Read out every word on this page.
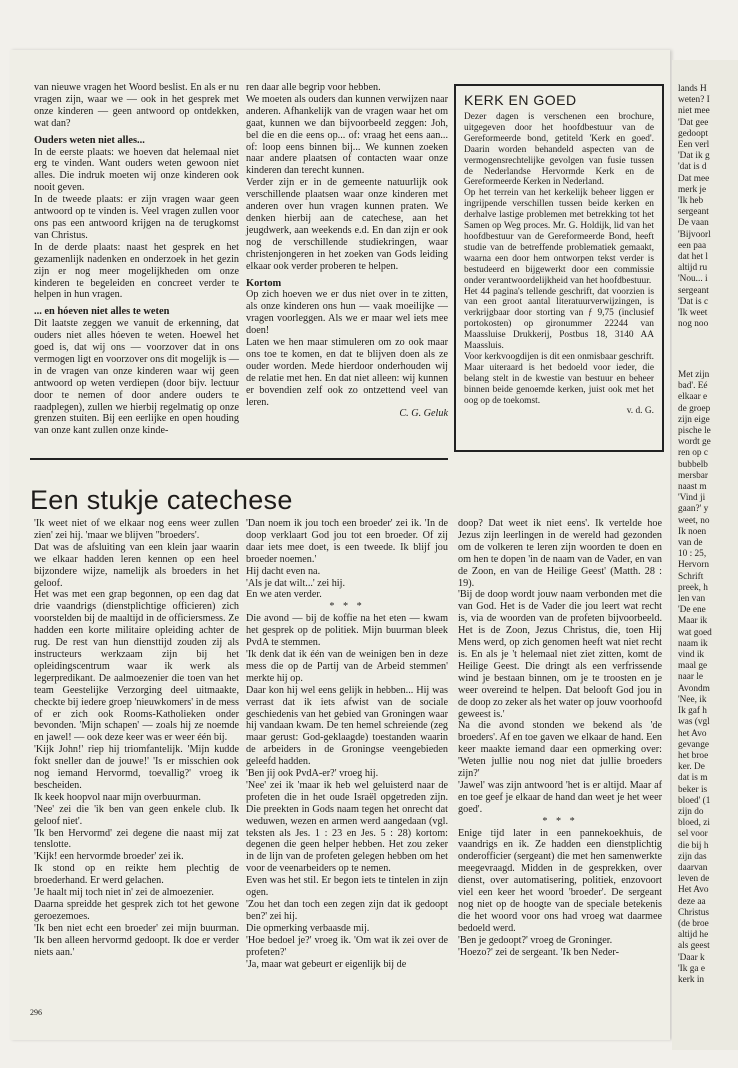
van nieuwe vragen het Woord beslist. En als er nu vragen zijn, waar we — ook in het gesprek met onze kinderen — geen antwoord op ontdekken, wat dan?

Ouders weten niet alles...

In de eerste plaats: we hoeven dat helemaal niet erg te vinden. Want ouders weten gewoon niet alles. Die indruk moeten wij onze kinderen ook nooit geven.

In de tweede plaats: er zijn vragen waar geen antwoord op te vinden is. Veel vragen zullen voor ons pas een antwoord krijgen na de terugkomst van Christus.

In de derde plaats: naast het gesprek en het gezamenlijk nadenken en onderzoek in het gezin zijn er nog meer mogelijkheden om onze kinderen te begeleiden en concreet verder te helpen in hun vragen.

... en hóeven niet alles te weten

Dit laatste zeggen we vanuit de erkenning, dat ouders niet alles hóeven te weten. Hoewel het goed is, dat wij ons — voorzover dat in ons vermogen ligt en voorzover ons dit mogelijk is — in de vragen van onze kinderen waar wij geen antwoord op weten verdiepen (door bijv. lectuur door te nemen of door andere ouders te raadplegen), zullen we hierbij regelmatig op onze grenzen stuiten. Bij een eerlijke en open houding van onze kant zullen onze kinde-

ren daar alle begrip voor hebben.

We moeten als ouders dan kunnen verwijzen naar anderen. Afhankelijk van de vragen waar het om gaat, kunnen we dan bijvoorbeeld zeggen: Joh, bel die en die eens op... of: vraag het eens aan... of: loop eens binnen bij... We kunnen zoeken naar andere plaatsen of contacten waar onze kinderen dan terecht kunnen.

Verder zijn er in de gemeente natuurlijk ook verschillende plaatsen waar onze kinderen met anderen over hun vragen kunnen praten. We denken hierbij aan de catechese, aan het jeugdwerk, aan weekends e.d. En dan zijn er ook nog de verschillende studiekringen, waar christenjongeren in het zoeken van Gods leiding elkaar ook verder proberen te helpen.

Kortom

Op zich hoeven we er dus niet over in te zitten, als onze kinderen ons hun — vaak moeilijke — vragen voorleggen. Als we er maar wel iets mee doen!

Laten we hen maar stimuleren om zo ook maar ons toe te komen, en dat te blijven doen als ze ouder worden. Mede hierdoor onderhouden wij de relatie met hen. En dat niet alleen: wij kunnen er bovendien zelf ook zo ontzettend veel van leren.

C. G. Geluk

KERK EN GOED

Dezer dagen is verschenen een brochure, uitgegeven door het hoofdbestuur van de Gereformeerde bond, getiteld 'Kerk en goed'. Daarin worden behandeld aspecten van de vermogensrechtelijke gevolgen van fusie tussen de Nederlandse Hervormde Kerk en de Gereformeerde Kerken in Nederland.

Op het terrein van het kerkelijk beheer liggen er ingrijpende verschillen tussen beide kerken en derhalve lastige problemen met betrekking tot het Samen op Weg proces. Mr. G. Holdijk, lid van het hoofdbestuur van de Gereformeerde Bond, heeft studie van de betreffende problematiek gemaakt, waarna een door hem ontworpen tekst verder is bestudeerd en bijgewerkt door een commissie onder verantwoordelijkheid van het hoofdbestuur.

Het 44 pagina's tellende geschrift, dat voorzien is van een groot aantal literatuurverwijzingen, is verkrijgbaar door storting van ƒ 9,75 (inclusief portokosten) op gironummer 22244 van Maassluise Drukkerij, Postbus 18, 3140 AA Maassluis.

Voor kerkvoogdijen is dit een onmisbaar geschrift. Maar uiteraard is het bedoeld voor ieder, die belang stelt in de kwestie van bestuur en beheer binnen beide genoemde kerken, juist ook met het oog op de toekomst.

v. d. G.

Een stukje catechese

'Ik weet niet of we elkaar nog eens weer zullen zien' zei hij. 'maar we blijven "broeders'.

Dat was de afsluiting van een klein jaar waarin we elkaar hadden leren kennen op een heel bijzondere wijze, namelijk als broeders in het geloof.

Het was met een grap begonnen, op een dag dat drie vaandrigs (dienstplichtige officieren) zich voorstelden bij de maaltijd in de officiersmess. Ze hadden een korte militaire opleiding achter de rug. De rest van hun diensttijd zouden zij als instructeurs werkzaam zijn bij het opleidingscentrum waar ik werk als legerpredikant. De aalmoezenier die toen van het team Geestelijke Verzorging deel uitmaakte, checkte bij iedere groep 'nieuwkomers' in de mess of er zich ook Rooms-Katholieken onder bevonden. 'Mijn schapen' — zoals hij ze noemde en jawel! — ook deze keer was er weer één bij.

'Kijk John!' riep hij triomfantelijk. 'Mijn kudde fokt sneller dan de jouwe!' 'Is er misschien ook nog iemand Hervormd, toevallig?' vroeg ik bescheiden.

Ik keek hoopvol naar mijn overbuurman.

'Nee' zei die 'ik ben van geen enkele club. Ik geloof niet'.

'Ik ben Hervormd' zei degene die naast mij zat tenslotte.

'Kijk! een hervormde broeder' zei ik.

Ik stond op en reikte hem plechtig de broederhand. Er werd gelachen.

'Je haalt mij toch niet in' zei de almoezenier.

Daarna spreidde het gesprek zich tot het gewone geroezemoes.

'Ik ben niet echt een broeder' zei mijn buurman. 'Ik ben alleen hervormd gedoopt. Ik doe er verder niets aan.'

'Dan noem ik jou toch een broeder' zei ik. 'In de doop verklaart God jou tot een broeder. Of zij daar iets mee doet, is een tweede. Ik blijf jou broeder noemen.'

Hij dacht even na.

'Als je dat wilt...' zei hij.

En we aten verder.

* * *

Die avond — bij de koffie na het eten — kwam het gesprek op de politiek. Mijn buurman bleek PvdA te stemmen.

'Ik denk dat ik één van de weinigen ben in deze mess die op de Partij van de Arbeid stemmen' merkte hij op.

Daar kon hij wel eens gelijk in hebben... Hij was verrast dat ik iets afwist van de sociale geschiedenis van het gebied van Groningen waar hij vandaan kwam. De ten hemel schreiende (zeg maar gerust: God-geklaagde) toestanden waarin de arbeiders in de Groningse veengebieden geleefd hadden.

'Ben jij ook PvdA-er?' vroeg hij.

'Nee' zei ik 'maar ik heb wel geluisterd naar de profeten die in het oude Israël opgetreden zijn. Die preekten in Gods naam tegen het onrecht dat weduwen, wezen en armen werd aangedaan (vgl. teksten als Jes. 1 : 23 en Jes. 5 : 28) kortom: degenen die geen helper hebben. Het zou zeker in de lijn van de profeten gelegen hebben om het voor de veenarbeiders op te nemen.

Even was het stil. Er begon iets te tintelen in zijn ogen.

'Zou het dan toch een zegen zijn dat ik gedoopt ben?' zei hij.

Die opmerking verbaasde mij.

'Hoe bedoel je?' vroeg ik. 'Om wat ik zei over de profeten?'

'Ja, maar wat gebeurt er eigenlijk bij de

doop? Dat weet ik niet eens'. Ik vertelde hoe Jezus zijn leerlingen in de wereld had gezonden om de volkeren te leren zijn woorden te doen en om hen te dopen 'in de naam van de Vader, en van de Zoon, en van de Heilige Geest' (Matth. 28 : 19).

'Bij de doop wordt jouw naam verbonden met die van God. Het is de Vader die jou leert wat recht is, via de woorden van de profeten bijvoorbeeld. Het is de Zoon, Jezus Christus, die, toen Hij Mens werd, op zich genomen heeft wat niet recht is. En als je 't helemaal niet ziet zitten, komt de Heilige Geest. Die dringt als een verfrissende wind je bestaan binnen, om je te troosten en je weer overeind te helpen. Dat belooft God jou in de doop zo zeker als het water op jouw voorhoofd geweest is.'

Na die avond stonden we bekend als 'de broeders'. Af en toe gaven we elkaar de hand. Een keer maakte iemand daar een opmerking over: 'Weten jullie nou nog niet dat jullie broeders zijn?'

'Jawel' was zijn antwoord 'het is er altijd. Maar af en toe geef je elkaar de hand dan weet je het weer goed'.

* * *

Enige tijd later in een pannekoekhuis, de vaandrigs en ik. Ze hadden een dienstplichtig onderofficier (sergeant) die met hen samenwerkte meegevraagd. Midden in de gesprekken, over dienst, over automatisering, politiek, enzovoort viel een keer het woord 'broeder'. De sergeant nog niet op de hoogte van de speciale betekenis die het woord voor ons had vroeg wat daarmee bedoeld werd.

'Ben je gedoopt?' vroeg de Groninger.

'Hoezo?' zei de sergeant. 'Ik ben Neder-

296

lands H

weten? I

niet mee

'Dat gee

gedoopt

Een verl

'Dat ik g

'dat is d

Dat mee

merk je

'Ik heb

sergeant

De vaan

'Bijvoorl

een paa

dat het l

altijd ru

'Nou... i

sergeant

'Dat is c

'Ik weet

nog noo

Met zijn

bad'. Eé

elkaar e

de groep

zijn eige

pische le

wordt ge

ren op c

bubbelb

mersbar

naast m

'Vind ji

gaan?' y

weet, no

Ik noen

van de

10 : 25,

Hervorn

Schrift

preek, h

len van

'De ene

Maar ik

wat goed

naam ik

vind ik

maal ge

naar le

Avondm

'Nee, ik

Ik gaf h

was (vgl

het Avo

gevange

het broe

ker. De

dat is m

beker is

bloed' (1

zijn do

bloed, zi

sel voor

die bij h

zijn das

daarvan

leven de

Het Avo

deze aa

Christus

(de broe

altijd he

als geest

'Daar k

'Ik ga e

kerk in
